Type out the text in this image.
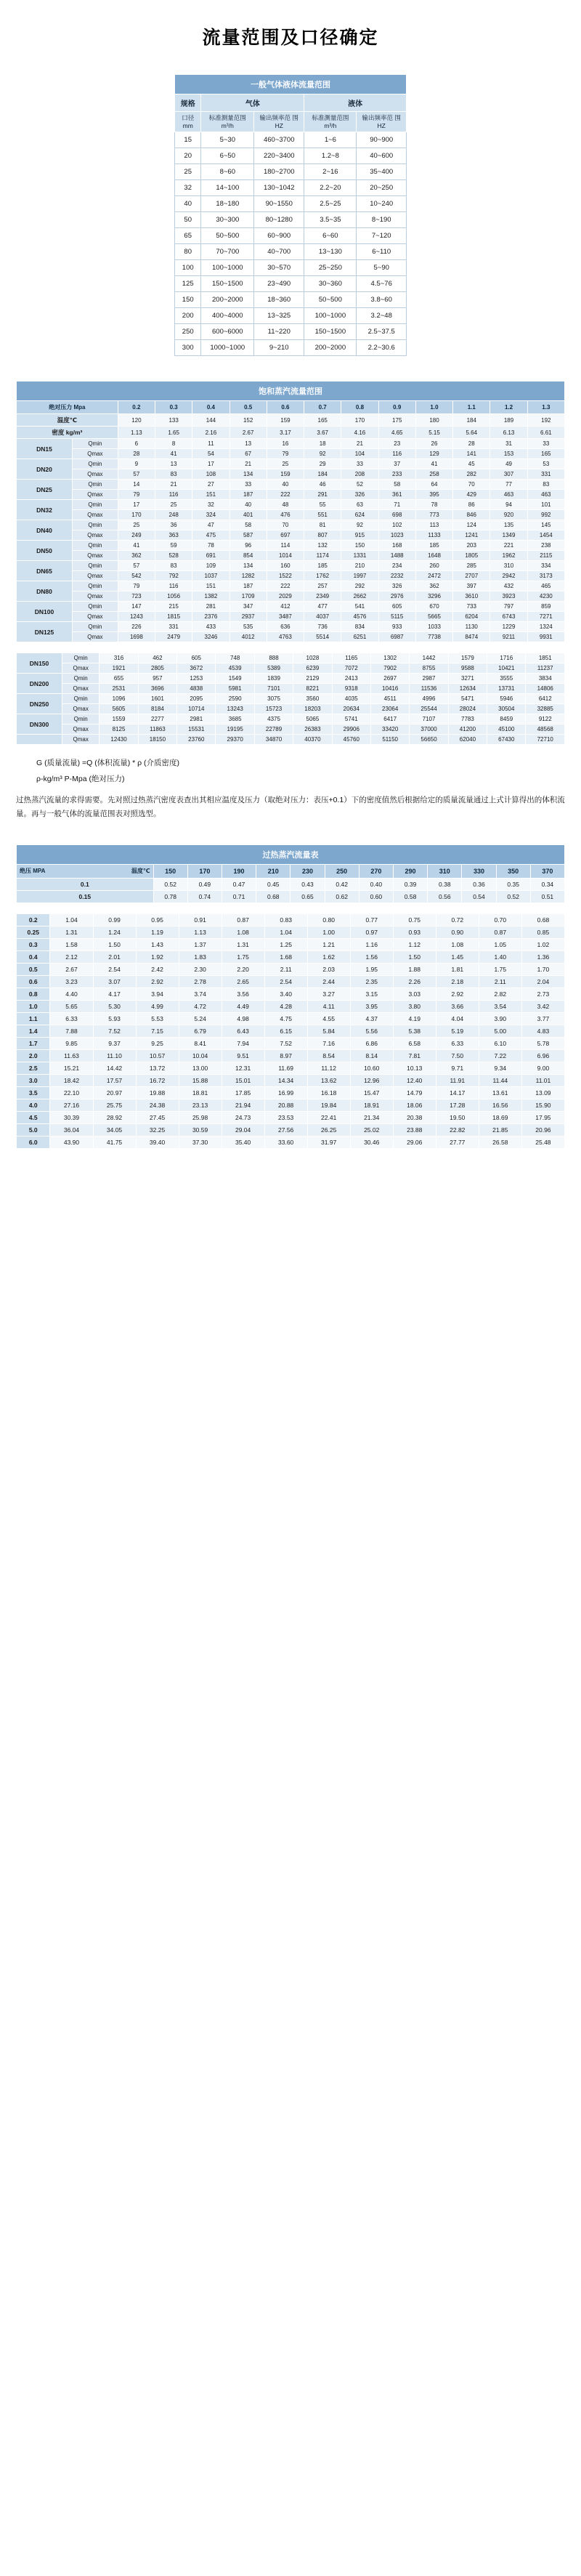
流量范围及口径确定
一般气体液体流量范围				
规格	气体		液体	
口径 mm	标准测量范围 m³/h	输出频率范 围 HZ	标准测量范围 m³/h	输出频率范 围 HZ
15	5~30	460~3700	1~6	90~900
20	6~50	220~3400	1.2~8	40~600
25	8~60	180~2700	2~16	35~400
32	14~100	130~1042	2.2~20	20~250
40	18~180	90~1550	2.5~25	10~240
50	30~300	80~1280	3.5~35	8~190
65	50~500	60~900	6~60	7~120
80	70~700	40~700	13~130	6~110
100	100~1000	30~570	25~250	5~90
125	150~1500	23~490	30~360	4.5~76
150	200~2000	18~360	50~500	3.8~60
200	400~4000	13~325	100~1000	3.2~48
250	600~6000	11~220	150~1500	2.5~37.5
300	1000~1000	9~210	200~2000	2.2~30.6
饱和蒸汽流量范围													
绝对压力 Mpa		0.2	0.3	0.4	0.5	0.6	0.7	0.8	0.9	1.0	1.1	1.2	1.3
温度℃		120	133	144	152	159	165	170	175	180	184	189	192
密度 kg/m³		1.13	1.65	2.16	2.67	3.17	3.67	4.16	4.65	5.15	5.64	6.13	6.61
DN15	Qmin	6	8	11	13	16	18	21	23	26	28	31	33
	Qmax	28	41	54	67	79	92	104	116	129	141	153	165
DN20	Qmin	9	13	17	21	25	29	33	37	41	45	49	53
	Qmax	57	83	108	134	159	184	208	233	258	282	307	331
DN25	Qmin	14	21	27	33	40	46	52	58	64	70	77	83
	Qmax	79	116	151	187	222	291	326	361	395	429	463	463
DN32	Qmin	17	25	32	40	48	55	63	71	78	86	94	101
	Qmax	170	248	324	401	476	551	624	698	773	846	920	992
DN40	Qmin	25	36	47	58	70	81	92	102	113	124	135	145
	Qmax	249	363	475	587	697	807	915	1023	1133	1241	1349	1454
DN50	Qmin	41	59	78	96	114	132	150	168	185	203	221	238
	Qmax	362	528	691	854	1014	1174	1331	1488	1648	1805	1962	2115
DN65	Qmin	57	83	109	134	160	185	210	234	260	285	310	334
	Qmax	542	792	1037	1282	1522	1762	1997	2232	2472	2707	2942	3173
DN80	Qmin	79	116	151	187	222	257	292	326	362	397	432	465
	Qmax	723	1056	1382	1709	2029	2349	2662	2976	3296	3610	3923	4230
DN100	Qmin	147	215	281	347	412	477	541	605	670	733	797	859
	Qmax	1243	1815	2376	2937	3487	4037	4576	5115	5665	6204	6743	7271
DN125	Qmin	226	331	433	535	636	736	834	933	1033	1130	1229	1324
	Qmax	1698	2479	3246	4012	4763	5514	6251	6987	7738	8474	9211	9931
DN150	Qmin	316	462	605	748	888	1028	1165	1302	1442	1579	1716	1851
	Qmax	1921	2805	3672	4539	5389	6239	7072	7902	8755	9588	10421	11237
DN200	Qmin	655	957	1253	1549	1839	2129	2413	2697	2987	3271	3555	3834
	Qmax	2531	3696	4838	5981	7101	8221	9318	10416	11536	12634	13731	14806
DN250	Qmin	1096	1601	2095	2590	3075	3560	4035	4511	4996	5471	5946	6412
	Qmax	5605	8184	10714	13243	15723	18203	20634	23064	25544	28024	30504	32885
DN300	Qmin	1559	2277	2981	3685	4375	5065	5741	6417	7107	7783	8459	9122
	Qmax	8125	11863	15531	19195	22789	26383	29906	33420	37000	41200	45100	48568
	Qmax	12430	18150	23760	29370	34870	40370	45760	51150	56650	62040	67430	72710

G (质量流量) =Q (体积流量) * ρ (介质密度)

ρ-kg/m³ P-Mpa (绝对压力)

过热蒸汽流量的求得需要。先对照过热蒸汽密度表查出其相应温度及压力（取绝对压力：表压+0.1）下的密度值然后根据给定的质量流量通过上式计算得出的体积流量。再与一般气体的流量范围表对照选型。

过热蒸汽流量表												

绝压 MPA 温度℃	150	170	190	210	230	250	270	290	310	330	350	370
0.1	0.52	0.49	0.47	0.45	0.43	0.42	0.40	0.39	0.38	0.36	0.35	0.34
0.15	0.78	0.74	0.71	0.68	0.65	0.62	0.60	0.58	0.56	0.54	0.52	0.51
0.2	1.04	0.99	0.95	0.91	0.87	0.83	0.80	0.77	0.75	0.72	0.70	0.68
0.25	1.31	1.24	1.19	1.13	1.08	1.04	1.00	0.97	0.93	0.90	0.87	0.85
0.3	1.58	1.50	1.43	1.37	1.31	1.25	1.21	1.16	1.12	1.08	1.05	1.02
0.4	2.12	2.01	1.92	1.83	1.75	1.68	1.62	1.56	1.50	1.45	1.40	1.36
0.5	2.67	2.54	2.42	2.30	2.20	2.11	2.03	1.95	1.88	1.81	1.75	1.70
0.6	3.23	3.07	2.92	2.78	2.65	2.54	2.44	2.35	2.26	2.18	2.11	2.04
0.8	4.40	4.17	3.94	3.74	3.56	3.40	3.27	3.15	3.03	2.92	2.82	2.73
1.0	5.65	5.30	4.99	4.72	4.49	4.28	4.11	3.95	3.80	3.66	3.54	3.42
1.1	6.33	5.93	5.53	5.24	4.98	4.75	4.55	4.37	4.19	4.04	3.90	3.77
1.4	7.88	7.52	7.15	6.79	6.43	6.15	5.84	5.56	5.38	5.19	5.00	4.83
1.7	9.85	9.37	9.25	8.41	7.94	7.52	7.16	6.86	6.58	6.33	6.10	5.78
2.0	11.63	11.10	10.57	10.04	9.51	8.97	8.54	8.14	7.81	7.50	7.22	6.96
2.5	15.21	14.42	13.72	13.00	12.31	11.69	11.12	10.60	10.13	9.71	9.34	9.00
3.0	18.42	17.57	16.72	15.88	15.01	14.34	13.62	12.96	12.40	11.91	11.44	11.01
3.5	22.10	20.97	19.88	18.81	17.85	16.99	16.18	15.47	14.79	14.17	13.61	13.09
4.0	27.16	25.75	24.38	23.13	21.94	20.88	19.84	18.91	18.06	17.28	16.56	15.90
4.5	30.39	28.92	27.45	25.98	24.73	23.53	22.41	21.34	20.38	19.50	18.69	17.95
5.0	36.04	34.05	32.25	30.59	29.04	27.56	26.25	25.02	23.88	22.82	21.85	20.96
6.0	43.90	41.75	39.40	37.30	35.40	33.60	31.97	30.46	29.06	27.77	26.58	25.48
